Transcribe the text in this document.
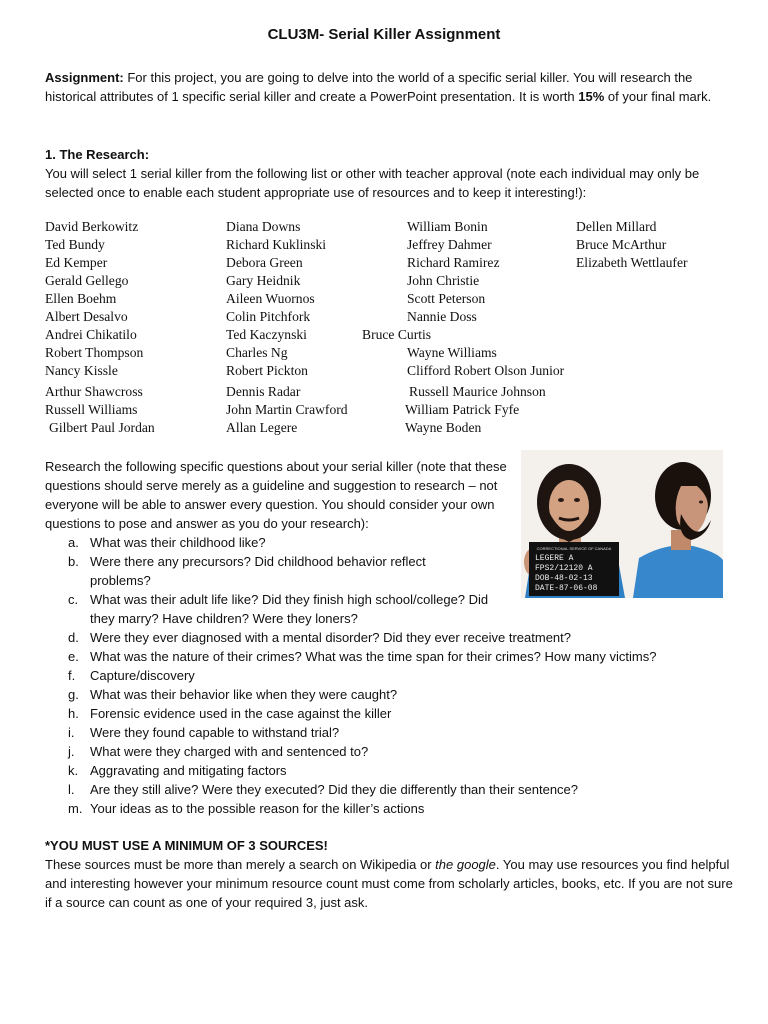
CLU3M- Serial Killer Assignment
Assignment: For this project, you are going to delve into the world of a specific serial killer. You will research the historical attributes of 1 specific serial killer and create a PowerPoint presentation. It is worth 15% of your final mark.
1. The Research:
You will select 1 serial killer from the following list or other with teacher approval (note each individual may only be selected once to enable each student appropriate use of resources and to keep it interesting!):
David Berkowitz
Ted Bundy
Ed Kemper
Gerald Gellego
Ellen Boehm
Albert Desalvo
Andrei Chikatilo
Robert Thompson
Nancy Kissle
Arthur Shawcross
Russell Williams
Gilbert Paul Jordan
Diana Downs
Richard Kuklinski
Debora Green
Gary Heidnik
Aileen Wuornos
Colin Pitchfork
Ted Kaczynski
Charles Ng
Robert Pickton
Dennis Radar
John Martin Crawford
Allan Legere
William Bonin
Jeffrey Dahmer
Richard Ramirez
John Christie
Scott Peterson
Nannie Doss
Bruce Curtis
Wayne Williams
Clifford Robert Olson Junior
Russell Maurice Johnson
William Patrick Fyfe
Wayne Boden
Dellen Millard
Bruce McArthur
Elizabeth Wettlaufer
Research the following specific questions about your serial killer (note that these questions should serve merely as a guideline and suggestion to research – not everyone will be able to answer every question. You should consider your own questions to pose and answer as you do your research):
CORRECTIONAL SERVICE OF CANADA
LEGERE A
FPS2/12120 A
DOB-48-02-13
DATE-87-06-08
a. What was their childhood like?
b. Were there any precursors? Did childhood behavior reflect problems?
c. What was their adult life like? Did they finish high school/college? Did they marry? Have children? Were they loners?
d. Were they ever diagnosed with a mental disorder? Did they ever receive treatment?
e. What was the nature of their crimes? What was the time span for their crimes? How many victims?
f. Capture/discovery
g. What was their behavior like when they were caught?
h. Forensic evidence used in the case against the killer
i. Were they found capable to withstand trial?
j. What were they charged with and sentenced to?
k. Aggravating and mitigating factors
l. Are they still alive? Were they executed? Did they die differently than their sentence?
m. Your ideas as to the possible reason for the killer’s actions
*YOU MUST USE A MINIMUM OF 3 SOURCES!
These sources must be more than merely a search on Wikipedia or the google. You may use resources you find helpful and interesting however your minimum resource count must come from scholarly articles, books, etc. If you are not sure if a source can count as one of your required 3, just ask.
